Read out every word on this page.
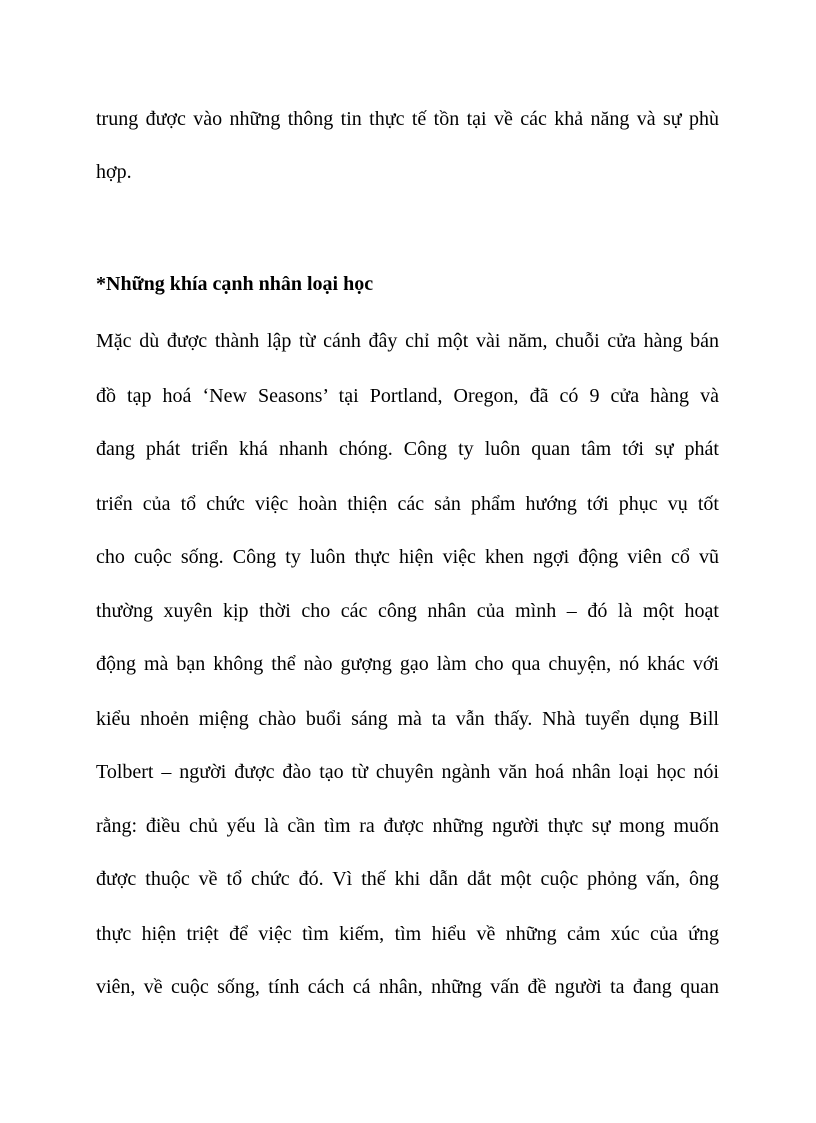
trung được vào những thông tin thực tế tồn tại về các khả năng và sự phù
hợp.
*Những khía cạnh nhân loại học
Mặc dù được thành lập từ cánh đây chỉ một vài năm, chuỗi cửa hàng bán
đồ tạp hoá ‘New Seasons’ tại Portland, Oregon, đã có 9 cửa hàng và
đang phát triển khá nhanh chóng. Công ty luôn quan tâm tới sự phát
triển của tổ chức việc hoàn thiện các sản phẩm hướng tới phục vụ tốt
cho cuộc sống. Công ty luôn thực hiện việc khen ngợi động viên cổ vũ
thường xuyên kịp thời cho các công nhân của mình – đó là một hoạt
động mà bạn không thể nào gượng gạo làm cho qua chuyện, nó khác với
kiểu nhoẻn miệng chào buổi sáng mà ta vẫn thấy. Nhà tuyển dụng Bill
Tolbert – người được đào tạo từ chuyên ngành văn hoá nhân loại học nói
rằng: điều chủ yếu là cần tìm ra được những người thực sự mong muốn
được thuộc về tổ chức đó. Vì thế khi dẫn dắt một cuộc phỏng vấn, ông
thực hiện triệt để việc tìm kiếm, tìm hiểu về những cảm xúc của ứng
viên, về cuộc sống, tính cách cá nhân, những vấn đề người ta đang quan
